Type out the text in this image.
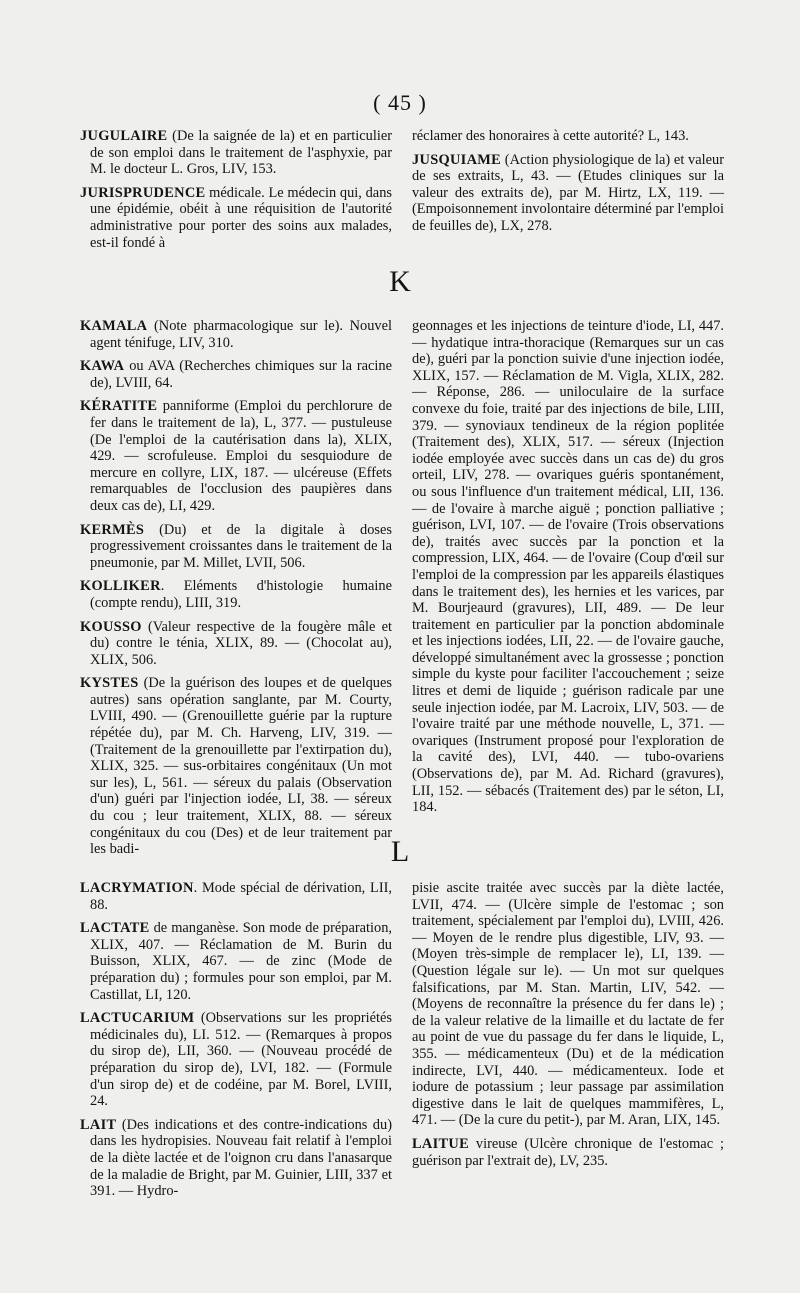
( 45 )

JUGULAIRE (De la saignée de la) et en particulier de son emploi dans le traitement de l'asphyxie, par M. le docteur L. Gros, LIV, 153.

JURISPRUDENCE médicale. Le médecin qui, dans une épidémie, obéit à une réquisition de l'autorité administrative pour porter des soins aux malades, est-il fondé à

réclamer des honoraires à cette autorité? L, 143.

JUSQUIAME (Action physiologique de la) et valeur de ses extraits, L, 43. — (Etudes cliniques sur la valeur des extraits de), par M. Hirtz, LX, 119. — (Empoisonnement involontaire déterminé par l'emploi de feuilles de), LX, 278.

K

KAMALA (Note pharmacologique sur le). Nouvel agent ténifuge, LIV, 310.

KAWA ou AVA (Recherches chimiques sur la racine de), LVIII, 64.

KÉRATITE panniforme (Emploi du perchlorure de fer dans le traitement de la), L, 377. — pustuleuse (De l'emploi de la cautérisation dans la), XLIX, 429. — scrofuleuse. Emploi du sesquiodure de mercure en collyre, LIX, 187. — ulcéreuse (Effets remarquables de l'occlusion des paupières dans deux cas de), LI, 429.

KERMÈS (Du) et de la digitale à doses progressivement croissantes dans le traitement de la pneumonie, par M. Millet, LVII, 506.

KOLLIKER. Eléments d'histologie humaine (compte rendu), LIII, 319.

KOUSSO (Valeur respective de la fougère mâle et du) contre le ténia, XLIX, 89. — (Chocolat au), XLIX, 506.

KYSTES (De la guérison des loupes et de quelques autres) sans opération sanglante, par M. Courty, LVIII, 490. — (Grenouillette guérie par la rupture répétée du), par M. Ch. Harveng, LIV, 319. — (Traitement de la grenouillette par l'extirpation du), XLIX, 325. — sus-orbitaires congénitaux (Un mot sur les), L, 561. — séreux du palais (Observation d'un) guéri par l'injection iodée, LI, 38. — séreux du cou ; leur traitement, XLIX, 88. — séreux congénitaux du cou (Des) et de leur traitement par les badi-

geonnages et les injections de teinture d'iode, LI, 447. — hydatique intra-thoracique (Remarques sur un cas de), guéri par la ponction suivie d'une injection iodée, XLIX, 157. — Réclamation de M. Vigla, XLIX, 282. — Réponse, 286. — uniloculaire de la surface convexe du foie, traité par des injections de bile, LIII, 379. — synoviaux tendineux de la région poplitée (Traitement des), XLIX, 517. — séreux (Injection iodée employée avec succès dans un cas de) du gros orteil, LIV, 278. — ovariques guéris spontanément, ou sous l'influence d'un traitement médical, LII, 136. — de l'ovaire à marche aiguë ; ponction palliative ; guérison, LVI, 107. — de l'ovaire (Trois observations de), traités avec succès par la ponction et la compression, LIX, 464. — de l'ovaire (Coup d'œil sur l'emploi de la compression par les appareils élastiques dans le traitement des), les hernies et les varices, par M. Bourjeaurd (gravures), LII, 489. — De leur traitement en particulier par la ponction abdominale et les injections iodées, LII, 22. — de l'ovaire gauche, développé simultanément avec la grossesse ; ponction simple du kyste pour faciliter l'accouchement ; seize litres et demi de liquide ; guérison radicale par une seule injection iodée, par M. Lacroix, LIV, 503. — de l'ovaire traité par une méthode nouvelle, L, 371. — ovariques (Instrument proposé pour l'exploration de la cavité des), LVI, 440. — tubo-ovariens (Observations de), par M. Ad. Richard (gravures), LII, 152. — sébacés (Traitement des) par le séton, LI, 184.

L

LACRYMATION. Mode spécial de dérivation, LII, 88.

LACTATE de manganèse. Son mode de préparation, XLIX, 407. — Réclamation de M. Burin du Buisson, XLIX, 467. — de zinc (Mode de préparation du) ; formules pour son emploi, par M. Castillat, LI, 120.

LACTUCARIUM (Observations sur les propriétés médicinales du), LI. 512. — (Remarques à propos du sirop de), LII, 360. — (Nouveau procédé de préparation du sirop de), LVI, 182. — (Formule d'un sirop de) et de codéine, par M. Borel, LVIII, 24.

LAIT (Des indications et des contre-indications du) dans les hydropisies. Nouveau fait relatif à l'emploi de la diète lactée et de l'oignon cru dans l'anasarque de la maladie de Bright, par M. Guinier, LIII, 337 et 391. — Hydro-

pisie ascite traitée avec succès par la diète lactée, LVII, 474. — (Ulcère simple de l'estomac ; son traitement, spécialement par l'emploi du), LVIII, 426. — Moyen de le rendre plus digestible, LIV, 93. — (Moyen très-simple de remplacer le), LI, 139. — (Question légale sur le). — Un mot sur quelques falsifications, par M. Stan. Martin, LIV, 542. — (Moyens de reconnaître la présence du fer dans le) ; de la valeur relative de la limaille et du lactate de fer au point de vue du passage du fer dans le liquide, L, 355. — médicamenteux (Du) et de la médication indirecte, LVI, 440. — médicamenteux. Iode et iodure de potassium ; leur passage par assimilation digestive dans le lait de quelques mammifères, L, 471. — (De la cure du petit-), par M. Aran, LIX, 145.

LAITUE vireuse (Ulcère chronique de l'estomac ; guérison par l'extrait de), LV, 235.
